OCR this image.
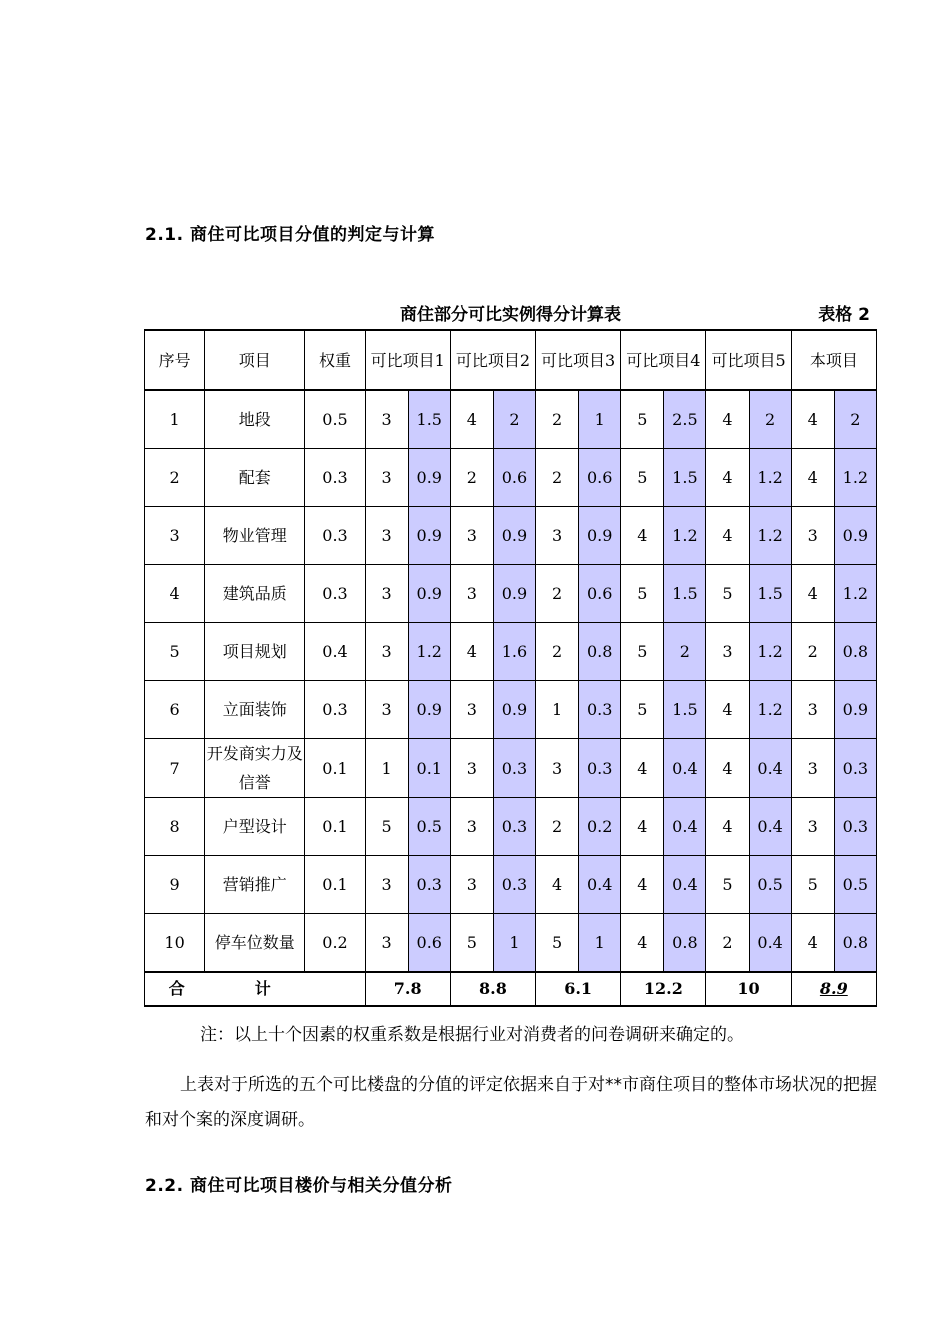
2.1. 商住可比项目分值的判定与计算
商住部分可比实例得分计算表	表格 2
序号	项目	权重	可比项目1		可比项目2		可比项目3		可比项目4		可比项目5		本项目	
1	地段	0.5	3	1.5	4	2	2	1	5	2.5	4	2	4	2
2	配套	0.3	3	0.9	2	0.6	2	0.6	5	1.5	4	1.2	4	1.2
3	物业管理	0.3	3	0.9	3	0.9	3	0.9	4	1.2	4	1.2	3	0.9
4	建筑品质	0.3	3	0.9	3	0.9	2	0.6	5	1.5	5	1.5	4	1.2
5	项目规划	0.4	3	1.2	4	1.6	2	0.8	5	2	3	1.2	2	0.8
6	立面装饰	0.3	3	0.9	3	0.9	1	0.3	5	1.5	4	1.2	3	0.9
7	开发商实力及信誉	0.1	1	0.1	3	0.3	3	0.3	4	0.4	4	0.4	3	0.3
8	户型设计	0.1	5	0.5	3	0.3	2	0.2	4	0.4	4	0.4	3	0.3
9	营销推广	0.1	3	0.3	3	0.3	4	0.4	4	0.4	5	0.5	5	0.5
10	停车位数量	0.2	3	0.6	5	1	5	1	4	0.8	2	0.4	4	0.8
合计			7.8		8.8		6.1		12.2		10		8.9	
注：以上十个因素的权重系数是根据行业对消费者的问卷调研来确定的。
上表对于所选的五个可比楼盘的分值的评定依据来自于对**市商住项目的整体市场状况的把握和对个案的深度调研。
2.2. 商住可比项目楼价与相关分值分析
